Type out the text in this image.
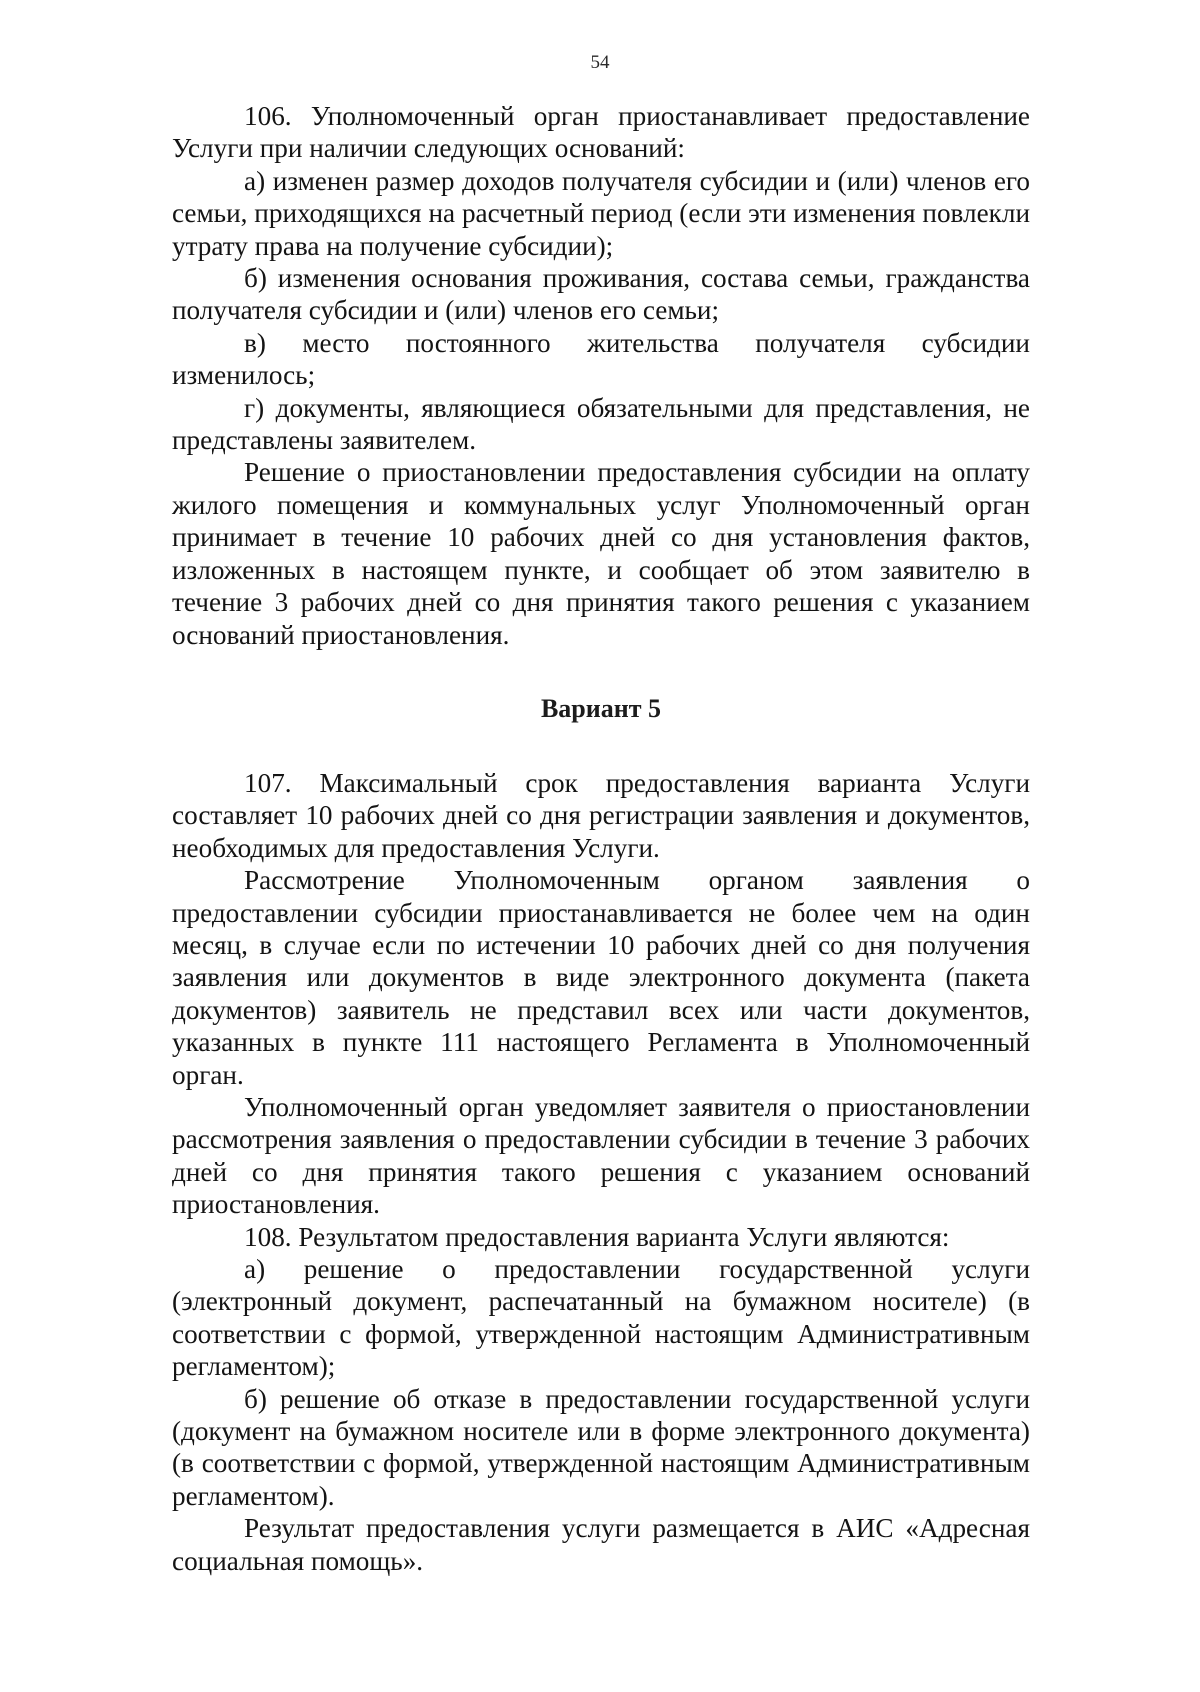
54

106. Уполномоченный орган приостанавливает предоставление Услуги при наличии следующих оснований:

а) изменен размер доходов получателя субсидии и (или) членов его семьи, приходящихся на расчетный период (если эти изменения повлекли утрату права на получение субсидии);

б) изменения основания проживания, состава семьи, гражданства получателя субсидии и (или) членов его семьи;

в) место постоянного жительства получателя субсидии изменилось;

г) документы, являющиеся обязательными для представления, не представлены заявителем.

Решение о приостановлении предоставления субсидии на оплату жилого помещения и коммунальных услуг Уполномоченный орган принимает в течение 10 рабочих дней со дня установления фактов, изложенных в настоящем пункте, и сообщает об этом заявителю в течение 3 рабочих дней со дня принятия такого решения с указанием оснований приостановления.

Вариант 5

107. Максимальный срок предоставления варианта Услуги составляет 10 рабочих дней со дня регистрации заявления и документов, необходимых для предоставления Услуги.

Рассмотрение Уполномоченным органом заявления о предоставлении субсидии приостанавливается не более чем на один месяц, в случае если по истечении 10 рабочих дней со дня получения заявления или документов в виде электронного документа (пакета документов) заявитель не представил всех или части документов, указанных в пункте 111 настоящего Регламента в Уполномоченный орган.

Уполномоченный орган уведомляет заявителя о приостановлении рассмотрения заявления о предоставлении субсидии в течение 3 рабочих дней со дня принятия такого решения с указанием оснований приостановления.

108. Результатом предоставления варианта Услуги являются:

а) решение о предоставлении государственной услуги (электронный документ, распечатанный на бумажном носителе) (в соответствии с формой, утвержденной настоящим Административным регламентом);

б) решение об отказе в предоставлении государственной услуги (документ на бумажном носителе или в форме электронного документа) (в соответствии с формой, утвержденной настоящим Административным регламентом).

Результат предоставления услуги размещается в АИС «Адресная социальная помощь».
